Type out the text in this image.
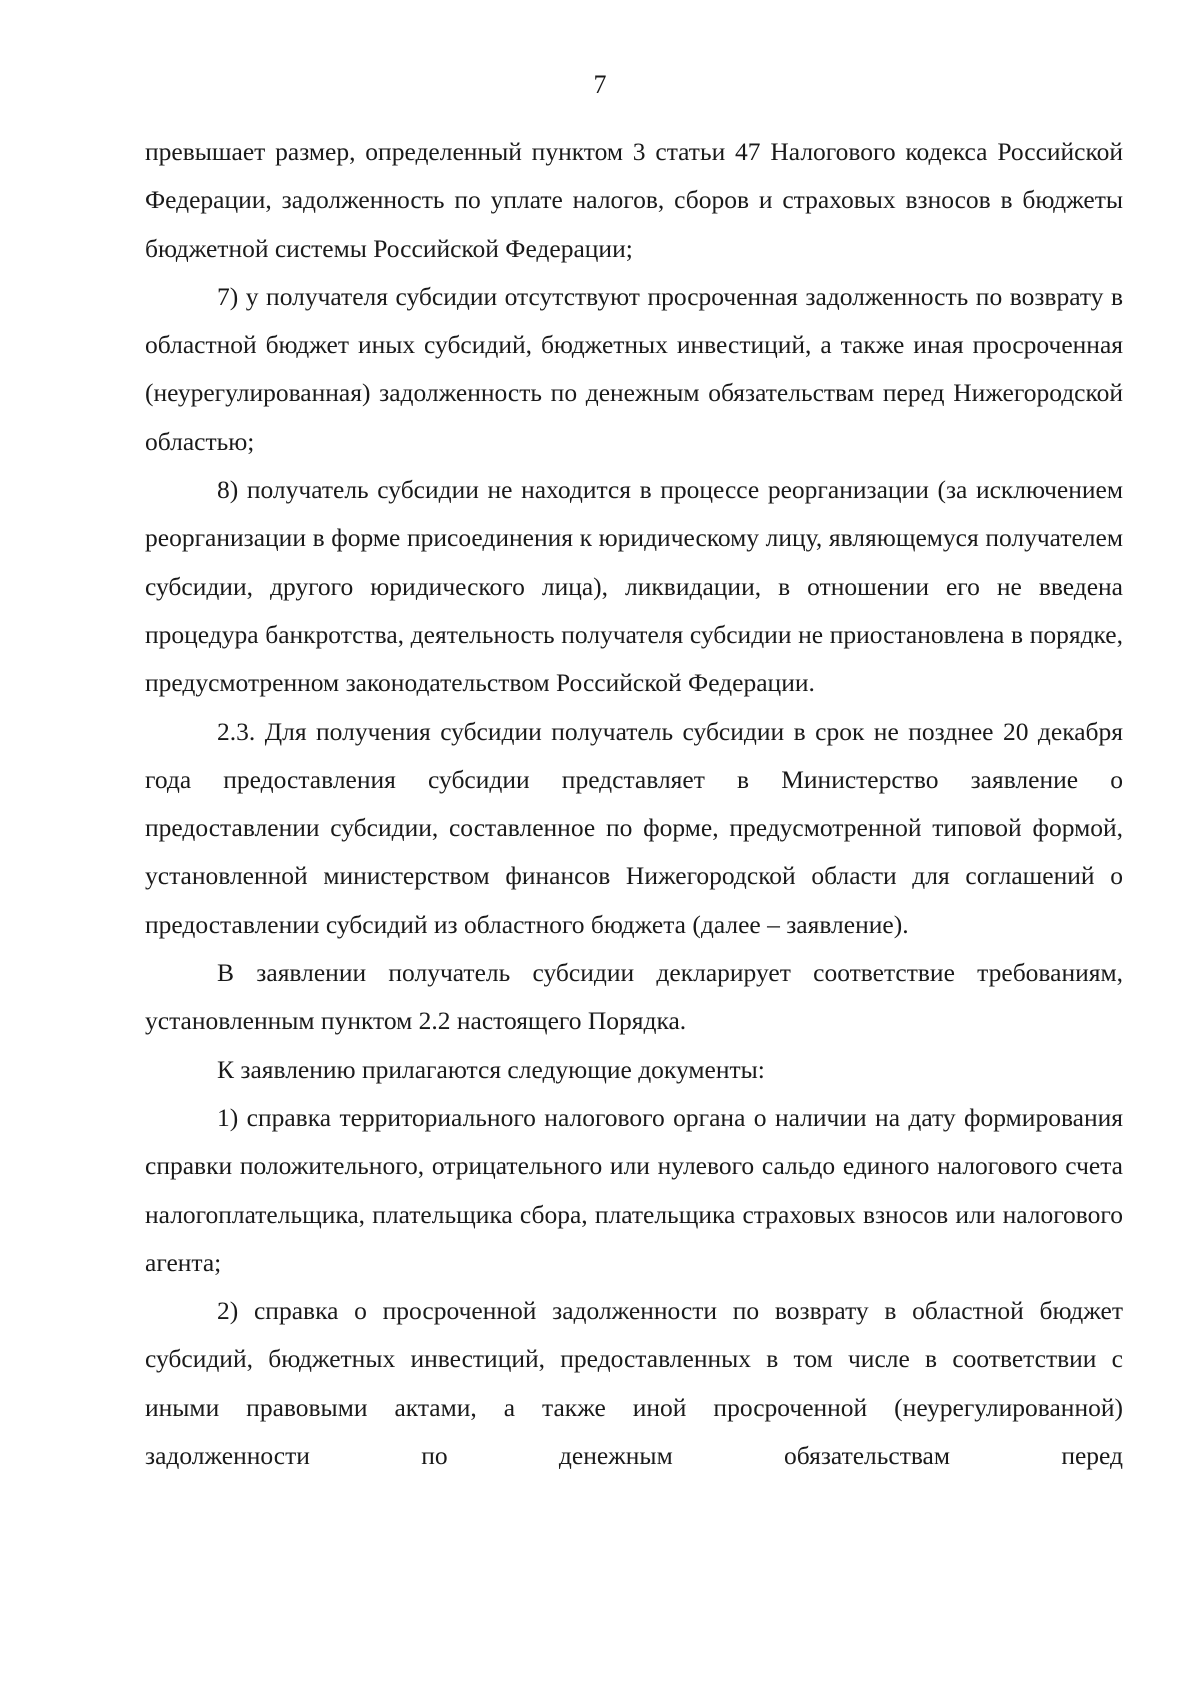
7

превышает размер, определенный пунктом 3 статьи 47 Налогового кодекса Российской Федерации, задолженность по уплате налогов, сборов и страховых взносов в бюджеты бюджетной системы Российской Федерации;

7) у получателя субсидии отсутствуют просроченная задолженность по возврату в областной бюджет иных субсидий, бюджетных инвестиций, а также иная просроченная (неурегулированная) задолженность по денежным обязательствам перед Нижегородской областью;

8) получатель субсидии не находится в процессе реорганизации (за исключением реорганизации в форме присоединения к юридическому лицу, являющемуся получателем субсидии, другого юридического лица), ликвидации, в отношении его не введена процедура банкротства, деятельность получателя субсидии не приостановлена в порядке, предусмотренном законодательством Российской Федерации.

2.3. Для получения субсидии получатель субсидии в срок не позднее 20 декабря года предоставления субсидии представляет в Министерство заявление о предоставлении субсидии, составленное по форме, предусмотренной типовой формой, установленной министерством финансов Нижегородской области для соглашений о предоставлении субсидий из областного бюджета (далее – заявление).

В заявлении получатель субсидии декларирует соответствие требованиям, установленным пунктом 2.2 настоящего Порядка.

К заявлению прилагаются следующие документы:

1) справка территориального налогового органа о наличии на дату формирования справки положительного, отрицательного или нулевого сальдо единого налогового счета налогоплательщика, плательщика сбора, плательщика страховых взносов или налогового агента;

2) справка о просроченной задолженности по возврату в областной бюджет субсидий, бюджетных инвестиций, предоставленных в том числе в соответствии с иными правовыми актами, а также иной просроченной (неурегулированной) задолженности по денежным обязательствам перед
